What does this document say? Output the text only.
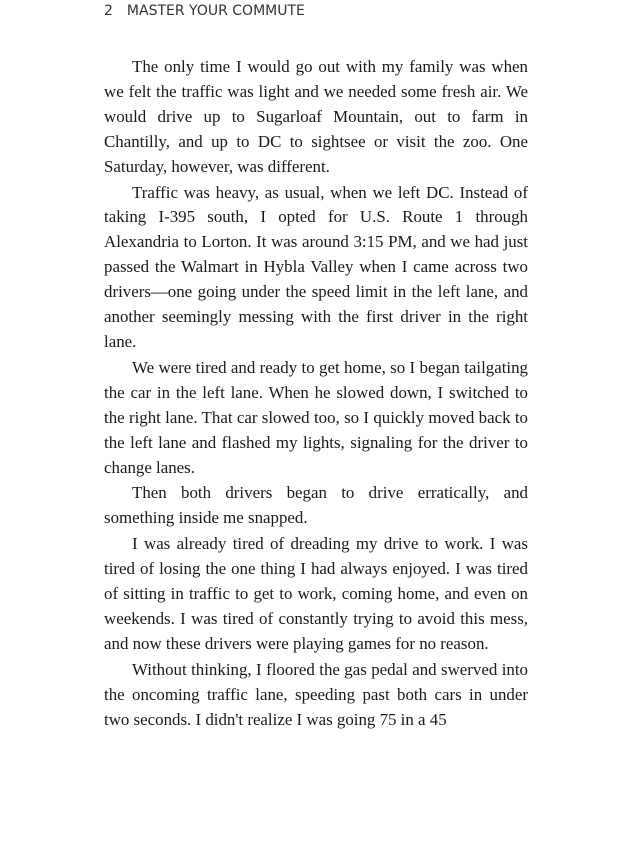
2 MASTER YOUR COMMUTE

The only time I would go out with my family was when we felt the traffic was light and we needed some fresh air. We would drive up to Sugarloaf Mountain, out to farm in Chantilly, and up to DC to sightsee or visit the zoo. One Saturday, however, was different.

Traffic was heavy, as usual, when we left DC. Instead of taking I-395 south, I opted for U.S. Route 1 through Alexandria to Lorton. It was around 3:15 PM, and we had just passed the Walmart in Hybla Valley when I came across two drivers—one going under the speed limit in the left lane, and another seemingly messing with the first driver in the right lane.

We were tired and ready to get home, so I began tailgating the car in the left lane. When he slowed down, I switched to the right lane. That car slowed too, so I quickly moved back to the left lane and flashed my lights, signaling for the driver to change lanes.

Then both drivers began to drive erratically, and something inside me snapped.

I was already tired of dreading my drive to work. I was tired of losing the one thing I had always enjoyed. I was tired of sitting in traffic to get to work, coming home, and even on weekends. I was tired of constantly trying to avoid this mess, and now these drivers were playing games for no reason.

Without thinking, I floored the gas pedal and swerved into the oncoming traffic lane, speeding past both cars in under two seconds. I didn't realize I was going 75 in a 45
